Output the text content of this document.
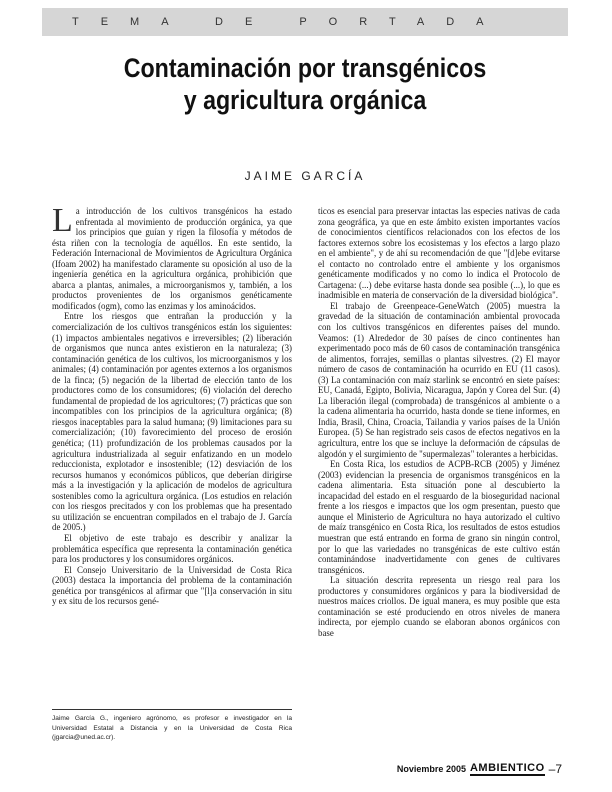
TEMA DE PORTADA
Contaminación por transgénicos
y agricultura orgánica
JAIME GARCÍA

La introducción de los cultivos transgénicos ha estado enfrentada al movimiento de producción orgánica, ya que los principios que guían y rigen la filosofía y métodos de ésta riñen con la tecnología de aquéllos. En este sentido, la Federación Internacional de Movimientos de Agricultura Orgánica (Ifoam 2002) ha manifestado claramente su oposición al uso de la ingeniería genética en la agricultura orgánica, prohibición que abarca a plantas, animales, a microorganismos y, también, a los productos provenientes de los organismos genéticamente modificados (ogm), como las enzimas y los aminoácidos.

Entre los riesgos que entrañan la producción y la comercialización de los cultivos transgénicos están los siguientes: (1) impactos ambientales negativos e irreversibles; (2) liberación de organismos que nunca antes existieron en la naturaleza; (3) contaminación genética de los cultivos, los microorganismos y los animales; (4) contaminación por agentes externos a los organismos de la finca; (5) negación de la libertad de elección tanto de los productores como de los consumidores; (6) violación del derecho fundamental de propiedad de los agricultores; (7) prácticas que son incompatibles con los principios de la agricultura orgánica; (8) riesgos inaceptables para la salud humana; (9) limitaciones para su comercialización; (10) favorecimiento del proceso de erosión genética; (11) profundización de los problemas causados por la agricultura industrializada al seguir enfatizando en un modelo reduccionista, explotador e insostenible; (12) desviación de los recursos humanos y económicos públicos, que deberían dirigirse más a la investigación y la aplicación de modelos de agricultura sostenibles como la agricultura orgánica. (Los estudios en relación con los riesgos precitados y con los problemas que ha presentado su utilización se encuentran compilados en el trabajo de J. García de 2005.)

El objetivo de este trabajo es describir y analizar la problemática específica que representa la contaminación genética para los productores y los consumidores orgánicos.

El Consejo Universitario de la Universidad de Costa Rica (2003) destaca la importancia del problema de la contaminación genética por transgénicos al afirmar que "[l]a conservación in situ y ex situ de los recursos gené-

ticos es esencial para preservar intactas las especies nativas de cada zona geográfica, ya que en este ámbito existen importantes vacíos de conocimientos científicos relacionados con los efectos de los factores externos sobre los ecosistemas y los efectos a largo plazo en el ambiente", y de ahí su recomendación de que "[d]ebe evitarse el contacto no controlado entre el ambiente y los organismos genéticamente modificados y no como lo indica el Protocolo de Cartagena: (...) debe evitarse hasta donde sea posible (...), lo que es inadmisible en materia de conservación de la diversidad biológica".

El trabajo de Greenpeace-GeneWatch (2005) muestra la gravedad de la situación de contaminación ambiental provocada con los cultivos transgénicos en diferentes países del mundo. Veamos: (1) Alrededor de 30 países de cinco continentes han experimentado poco más de 60 casos de contaminación transgénica de alimentos, forrajes, semillas o plantas silvestres. (2) El mayor número de casos de contaminación ha ocurrido en EU (11 casos). (3) La contaminación con maíz starlink se encontró en siete países: EU, Canadá, Egipto, Bolivia, Nicaragua, Japón y Corea del Sur. (4) La liberación ilegal (comprobada) de transgénicos al ambiente o a la cadena alimentaria ha ocurrido, hasta donde se tiene informes, en India, Brasil, China, Croacia, Tailandia y varios países de la Unión Europea. (5) Se han registrado seis casos de efectos negativos en la agricultura, entre los que se incluye la deformación de cápsulas de algodón y el surgimiento de "supermalezas" tolerantes a herbicidas.

En Costa Rica, los estudios de ACPB-RCB (2005) y Jiménez (2003) evidencian la presencia de organismos transgénicos en la cadena alimentaria. Esta situación pone al descubierto la incapacidad del estado en el resguardo de la bioseguridad nacional frente a los riesgos e impactos que los ogm presentan, puesto que aunque el Ministerio de Agricultura no haya autorizado el cultivo de maíz transgénico en Costa Rica, los resultados de estos estudios muestran que está entrando en forma de grano sin ningún control, por lo que las variedades no transgénicas de este cultivo están contaminándose inadvertidamente con genes de cultivares transgénicos.

La situación descrita representa un riesgo real para los productores y consumidores orgánicos y para la biodiversidad de nuestros maíces criollos. De igual manera, es muy posible que esta contaminación se esté produciendo en otros niveles de manera indirecta, por ejemplo cuando se elaboran abonos orgánicos con base

Jaime García G., ingeniero agrónomo, es profesor e investigador en la Universidad Estatal a Distancia y en la Universidad de Costa Rica (jgarcia@uned.ac.cr).
Noviembre 2005 AMBIENTICO –7
